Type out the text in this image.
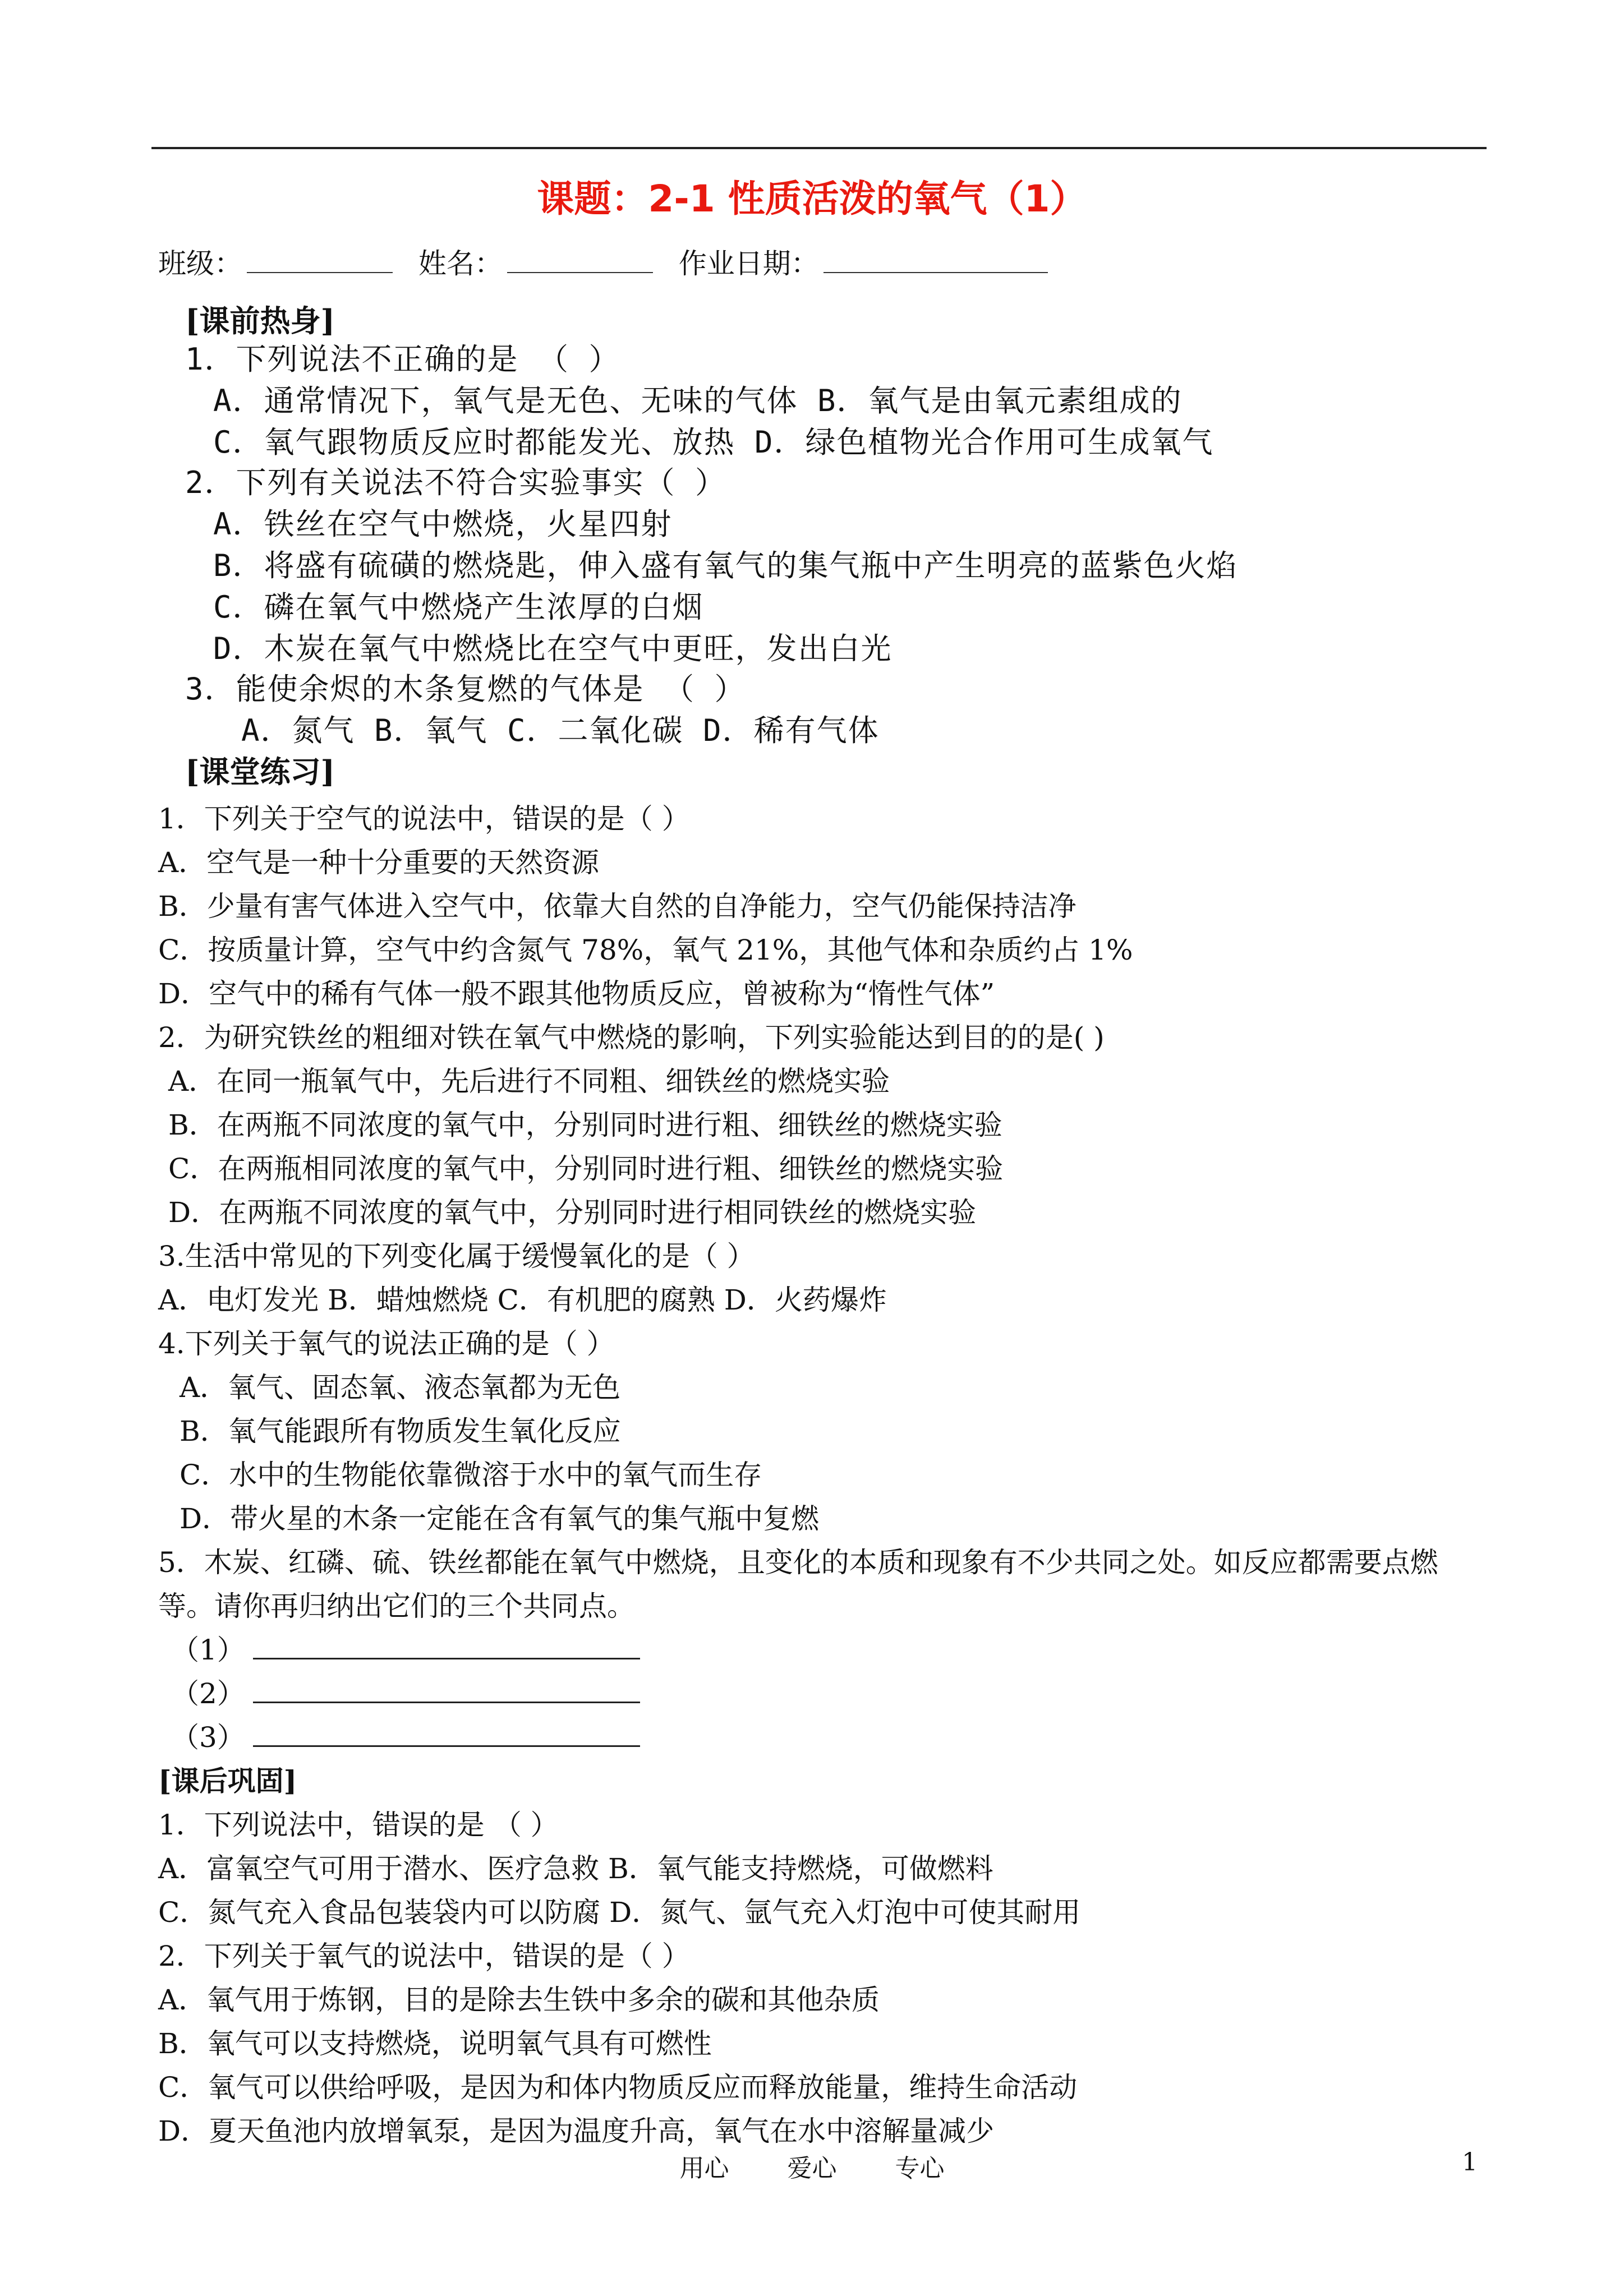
课题：2-1 性质活泼的氧气（1）
班级：	姓名：	作业日期：
[课前热身]
1．下列说法不正确的是 （ ）
A．通常情况下，氧气是无色、无味的气体 B．氧气是由氧元素组成的
C．氧气跟物质反应时都能发光、放热 D．绿色植物光合作用可生成氧气
2．下列有关说法不符合实验事实（ ）
A．铁丝在空气中燃烧，火星四射
B．将盛有硫磺的燃烧匙，伸入盛有氧气的集气瓶中产生明亮的蓝紫色火焰
C．磷在氧气中燃烧产生浓厚的白烟
D．木炭在氧气中燃烧比在空气中更旺，发出白光
3．能使余烬的木条复燃的气体是 （ ）
A．氮气 B．氧气 C．二氧化碳 D．稀有气体
[课堂练习]
1．下列关于空气的说法中，错误的是（ ）
A．空气是一种十分重要的天然资源
B．少量有害气体进入空气中，依靠大自然的自净能力，空气仍能保持洁净
C．按质量计算，空气中约含氮气 78%，氧气 21%，其他气体和杂质约占 1%
D．空气中的稀有气体一般不跟其他物质反应，曾被称为“惰性气体”
2．为研究铁丝的粗细对铁在氧气中燃烧的影响，下列实验能达到目的的是( )
A．在同一瓶氧气中，先后进行不同粗、细铁丝的燃烧实验
B．在两瓶不同浓度的氧气中，分别同时进行粗、细铁丝的燃烧实验
C．在两瓶相同浓度的氧气中，分别同时进行粗、细铁丝的燃烧实验
D．在两瓶不同浓度的氧气中，分别同时进行相同铁丝的燃烧实验
3.生活中常见的下列变化属于缓慢氧化的是（ ）
A．电灯发光 B．蜡烛燃烧 C．有机肥的腐熟 D．火药爆炸
4.下列关于氧气的说法正确的是（ ）
A．氧气、固态氧、液态氧都为无色
B．氧气能跟所有物质发生氧化反应
C．水中的生物能依靠微溶于水中的氧气而生存
D．带火星的木条一定能在含有氧气的集气瓶中复燃
5．木炭、红磷、硫、铁丝都能在氧气中燃烧，且变化的本质和现象有不少共同之处。如反应都需要点燃
等。请你再归纳出它们的三个共同点。
（1）
（2）
（3）
[课后巩固]
1．下列说法中，错误的是 （ ）
A．富氧空气可用于潜水、医疗急救 B．氧气能支持燃烧，可做燃料
C．氮气充入食品包装袋内可以防腐 D．氮气、氩气充入灯泡中可使其耐用
2．下列关于氧气的说法中，错误的是（ ）
A．氧气用于炼钢，目的是除去生铁中多余的碳和其他杂质
B．氧气可以支持燃烧，说明氧气具有可燃性
C．氧气可以供给呼吸，是因为和体内物质反应而释放能量，维持生命活动
D．夏天鱼池内放增氧泵，是因为温度升高，氧气在水中溶解量减少
用心 爱心 专心	1
